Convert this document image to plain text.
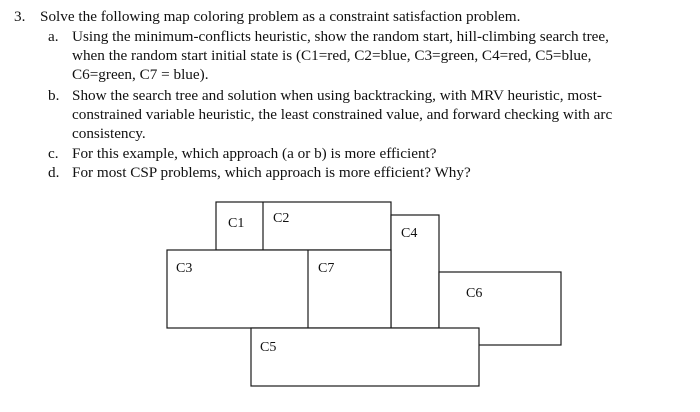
3. Solve the following map coloring problem as a constraint satisfaction problem.
a. Using the minimum-conflicts heuristic, show the random start, hill-climbing search tree,
when the random start initial state is (C1=red, C2=blue, C3=green, C4=red, C5=blue,
C6=green, C7 = blue).
b. Show the search tree and solution when using backtracking, with MRV heuristic, most-
constrained variable heuristic, the least constrained value, and forward checking with arc
consistency.
c. For this example, which approach (a or b) is more efficient?
d. For most CSP problems, which approach is more efficient? Why?
C1 C2
C4
C3	C7
C6
C5
